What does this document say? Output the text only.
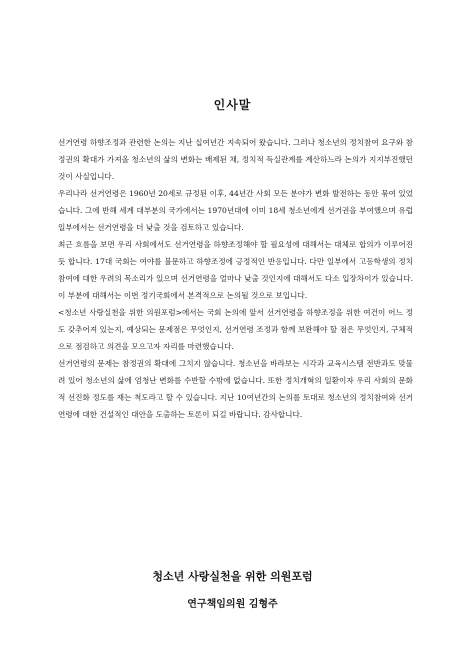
인사말

선거연령 하향조정과 관련한 논의는 지난 십여년간 지속되어 왔습니다. 그러나 청소년의 정치참여 요구와 참정권의 확대가 가져올 청소년의 삶의 변화는 배제된 채, 정치적 득실관계를 계산하느라 논의가 지지부진했던 것이 사실입니다.

우리나라 선거연령은 1960년 20세로 규정된 이후, 44년간 사회 모든 분야가 변화 발전하는 동안 묶여 있었습니다. 그에 반해 세계 대부분의 국가에서는 1970년대에 이미 18세 청소년에게 선거권을 부여했으며 유럽 일부에서는 선거연령을 더 낮출 것을 검토하고 있습니다.

최근 흐름을 보면 우리 사회에서도 선거연령을 하향조정해야 할 필요성에 대해서는 대체로 합의가 이루어진 듯 합니다. 17대 국회는 여야를 불문하고 하향조정에 긍정적인 반응입니다. 다만 일부에서 고등학생의 정치참여에 대한 우려의 목소리가 있으며 선거연령을 얼마나 낮출 것인지에 대해서도 다소 입장차이가 있습니다. 이 부분에 대해서는 이번 정기국회에서 본격적으로 논의될 것으로 보입니다.

<청소년 사랑실천을 위한 의원포럼>에서는 국회 논의에 앞서 선거연령을 하향조정을 위한 여건이 어느 정도 갖추어져 있는지, 예상되는 문제점은 무엇인지, 선거연령 조정과 함께 보완해야 할 점은 무엇인지, 구체적으로 점검하고 의견을 모으고자 자리를 마련했습니다.

선거연령의 문제는 참정권의 확대에 그치지 않습니다. 청소년을 바라보는 시각과 교육시스템 전반과도 맞물려 있어 청소년의 삶에 엄청난 변화를 수반할 수밖에 없습니다. 또한 정치개혁의 일환이자 우리 사회의 문화적 선진화 정도를 재는 척도라고 할 수 있습니다. 지난 10여년간의 논의를 토대로 청소년의 정치참여와 선거연령에 대한 건설적인 대안을 도출하는 토론이 되길 바랍니다. 감사합니다.

청소년 사랑실천을 위한 의원포럼
연구책임의원 김형주
